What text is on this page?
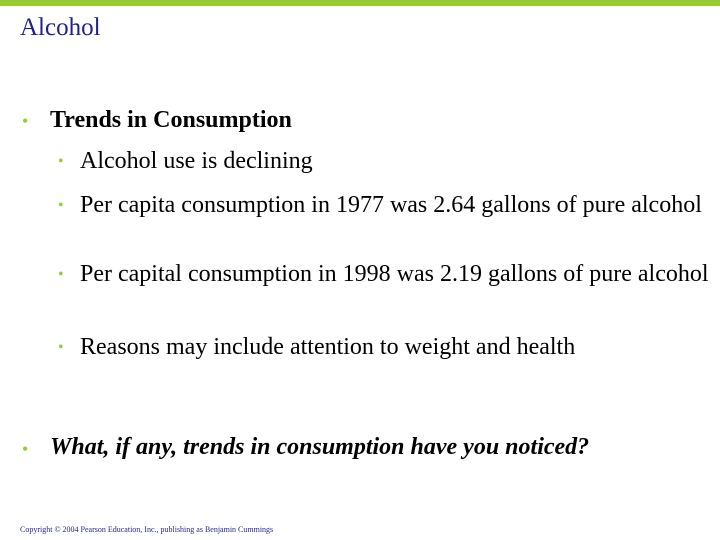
Alcohol
• Trends in Consumption
• Alcohol use is declining
• Per capita consumption in 1977 was 2.64 gallons of pure alcohol
• Per capital consumption in 1998 was 2.19 gallons of pure alcohol
• Reasons may include attention to weight and health
• What, if any, trends in consumption have you noticed?
Copyright © 2004 Pearson Education, Inc., publishing as Benjamin Cummings
